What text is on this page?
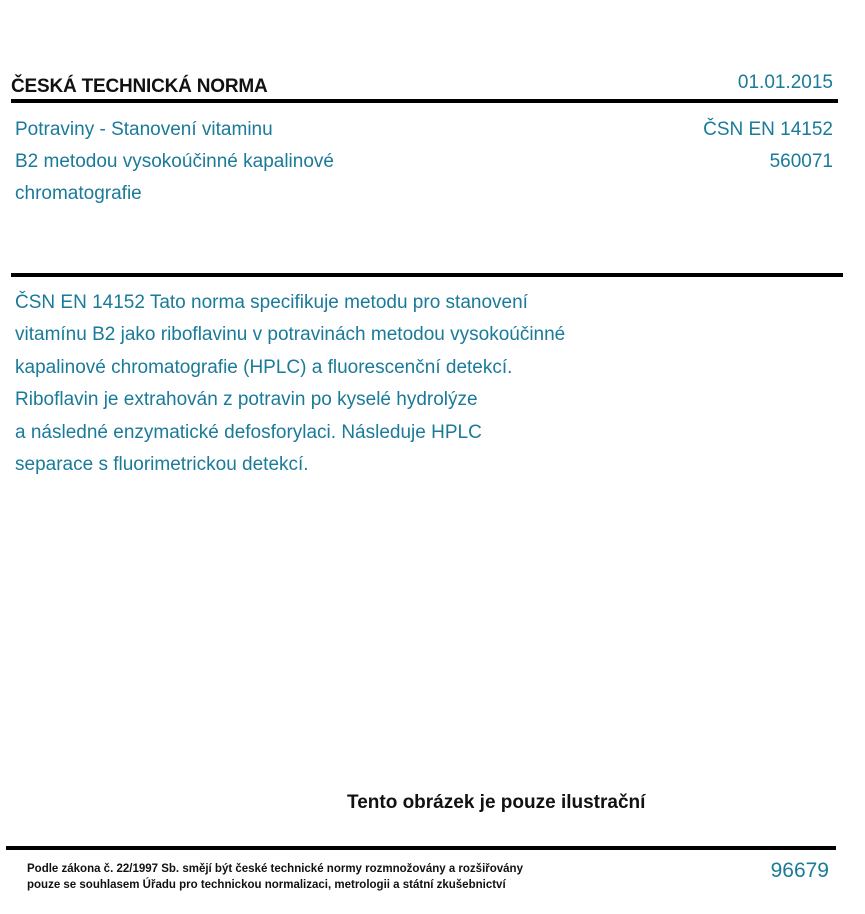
ČESKÁ TECHNICKÁ NORMA	01.01.2015
Potraviny - Stanovení vitaminu
B2 metodou vysokoúčinné kapalinové
chromatografie
ČSN EN 14152
560071
ČSN EN 14152 Tato norma specifikuje metodu pro stanovení
vitamínu B2 jako riboflavinu v potravinách metodou vysokoúčinné
kapalinové chromatografie (HPLC) a fluorescenční detekcí.
Riboflavin je extrahován z potravin po kyselé hydrolýze
a následné enzymatické defosforylaci. Následuje HPLC
separace s fluorimetrickou detekcí.
Tento obrázek je pouze ilustrační
Podle zákona č. 22/1997 Sb. smějí být české technické normy rozmnožovány a rozšiřovány
pouze se souhlasem Úřadu pro technickou normalizaci, metrologii a státní zkušebnictví
96679
